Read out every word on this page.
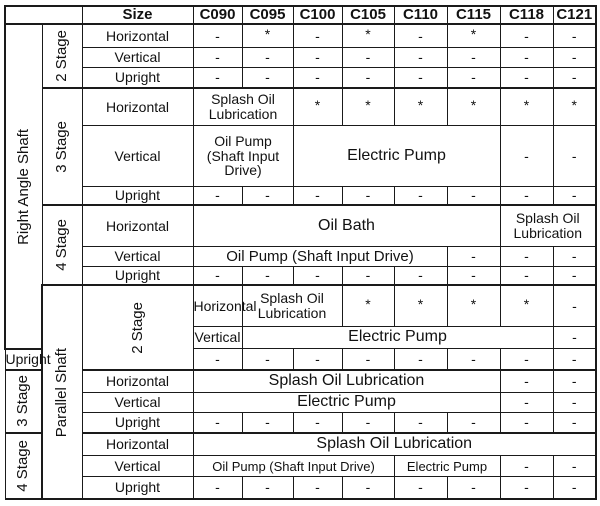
		Size	C090	C095	C100	C105	C110	C115	C118	C121	

Right Angle Shaft	2 Stage	Horizontal	-	*	-	*	-	*	-	-	
		Vertical	-	-	-	-	-	-	-	-	
		Upright	-	-	-	-	-	-	-	-	

	3 Stage	Horizontal	Splash Oil Lubrication		*	*	*	*	*	*	
		Vertical	Oil Pump (Shaft Input Drive)		Electric Pump				-	-	
		Upright	-	-	-	-	-	-	-	-	

	4 Stage	Horizontal	Oil Bath						Splash Oil Lubrication		
		Vertical	Oil Pump (Shaft Input Drive)					-	-	-	
		Upright	-	-	-	-	-	-	-	-	

	Parallel Shaft	2 Stage	Horizontal	Splash Oil Lubrication		*	*	*	*	-	
			Vertical	Electric Pump						-	
Upright			-	-	-	-	-	-	-	-	

3 Stage		Horizontal	Splash Oil Lubrication						-	-	
		Vertical	Electric Pump						-	-	
		Upright	-	-	-	-	-	-	-	-	

4 Stage		Horizontal	Splash Oil Lubrication								
		Vertical	Oil Pump (Shaft Input Drive)				Electric Pump		-	-	
		Upright	-	-	-	-	-	-	-	-	
